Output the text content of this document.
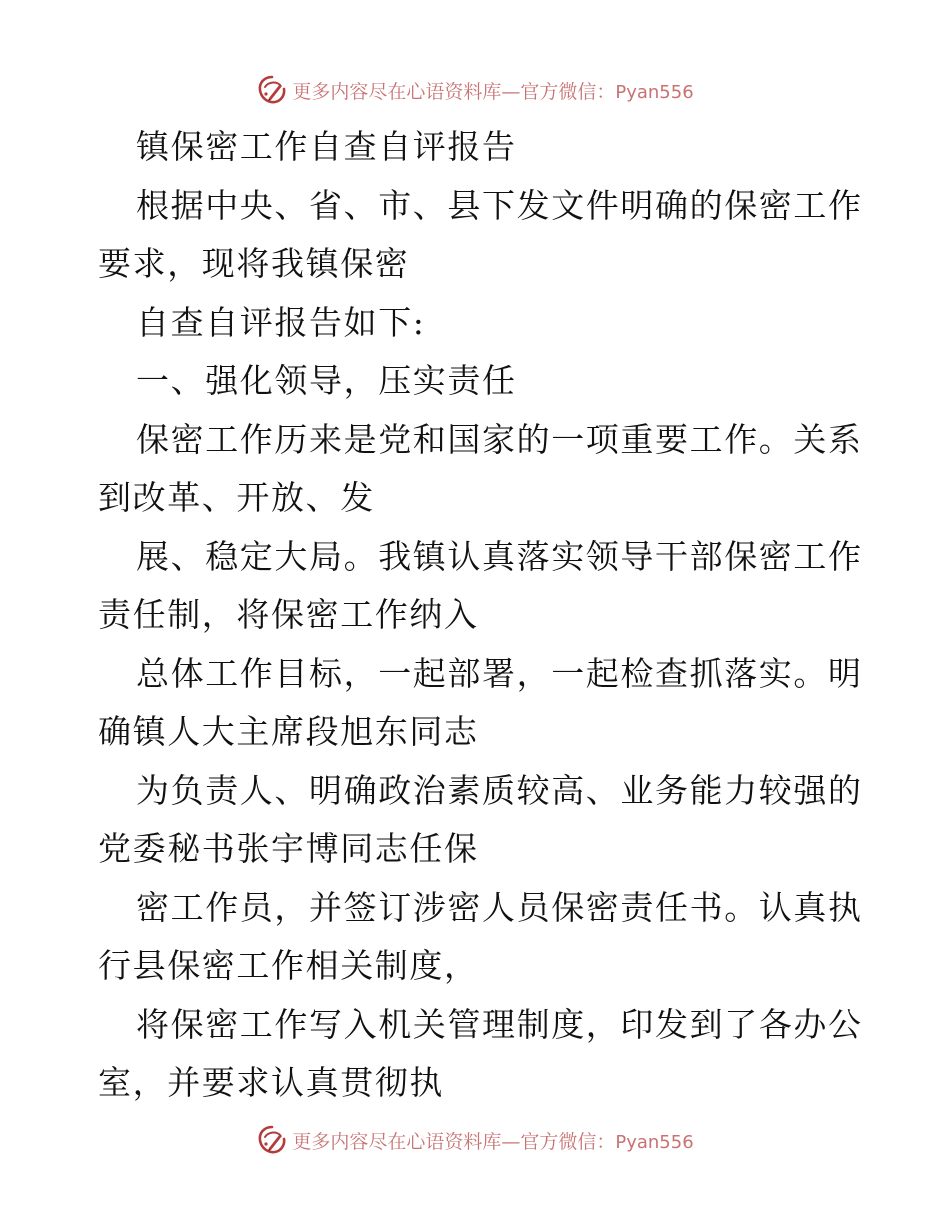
更多内容尽在心语资料库—官方微信：Pyan556
镇保密工作自查自评报告
根据中央、省、市、县下发文件明确的保密工作
要求，现将我镇保密
自查自评报告如下:
一、强化领导，压实责任
保密工作历来是党和国家的一项重要工作。关系
到改革、开放、发
展、稳定大局。我镇认真落实领导干部保密工作
责任制，将保密工作纳入
总体工作目标，一起部署，一起检查抓落实。明
确镇人大主席段旭东同志
为负责人、明确政治素质较高、业务能力较强的
党委秘书张宇博同志任保
密工作员，并签订涉密人员保密责任书。认真执
行县保密工作相关制度，
将保密工作写入机关管理制度，印发到了各办公
室，并要求认真贯彻执
更多内容尽在心语资料库—官方微信：Pyan556
